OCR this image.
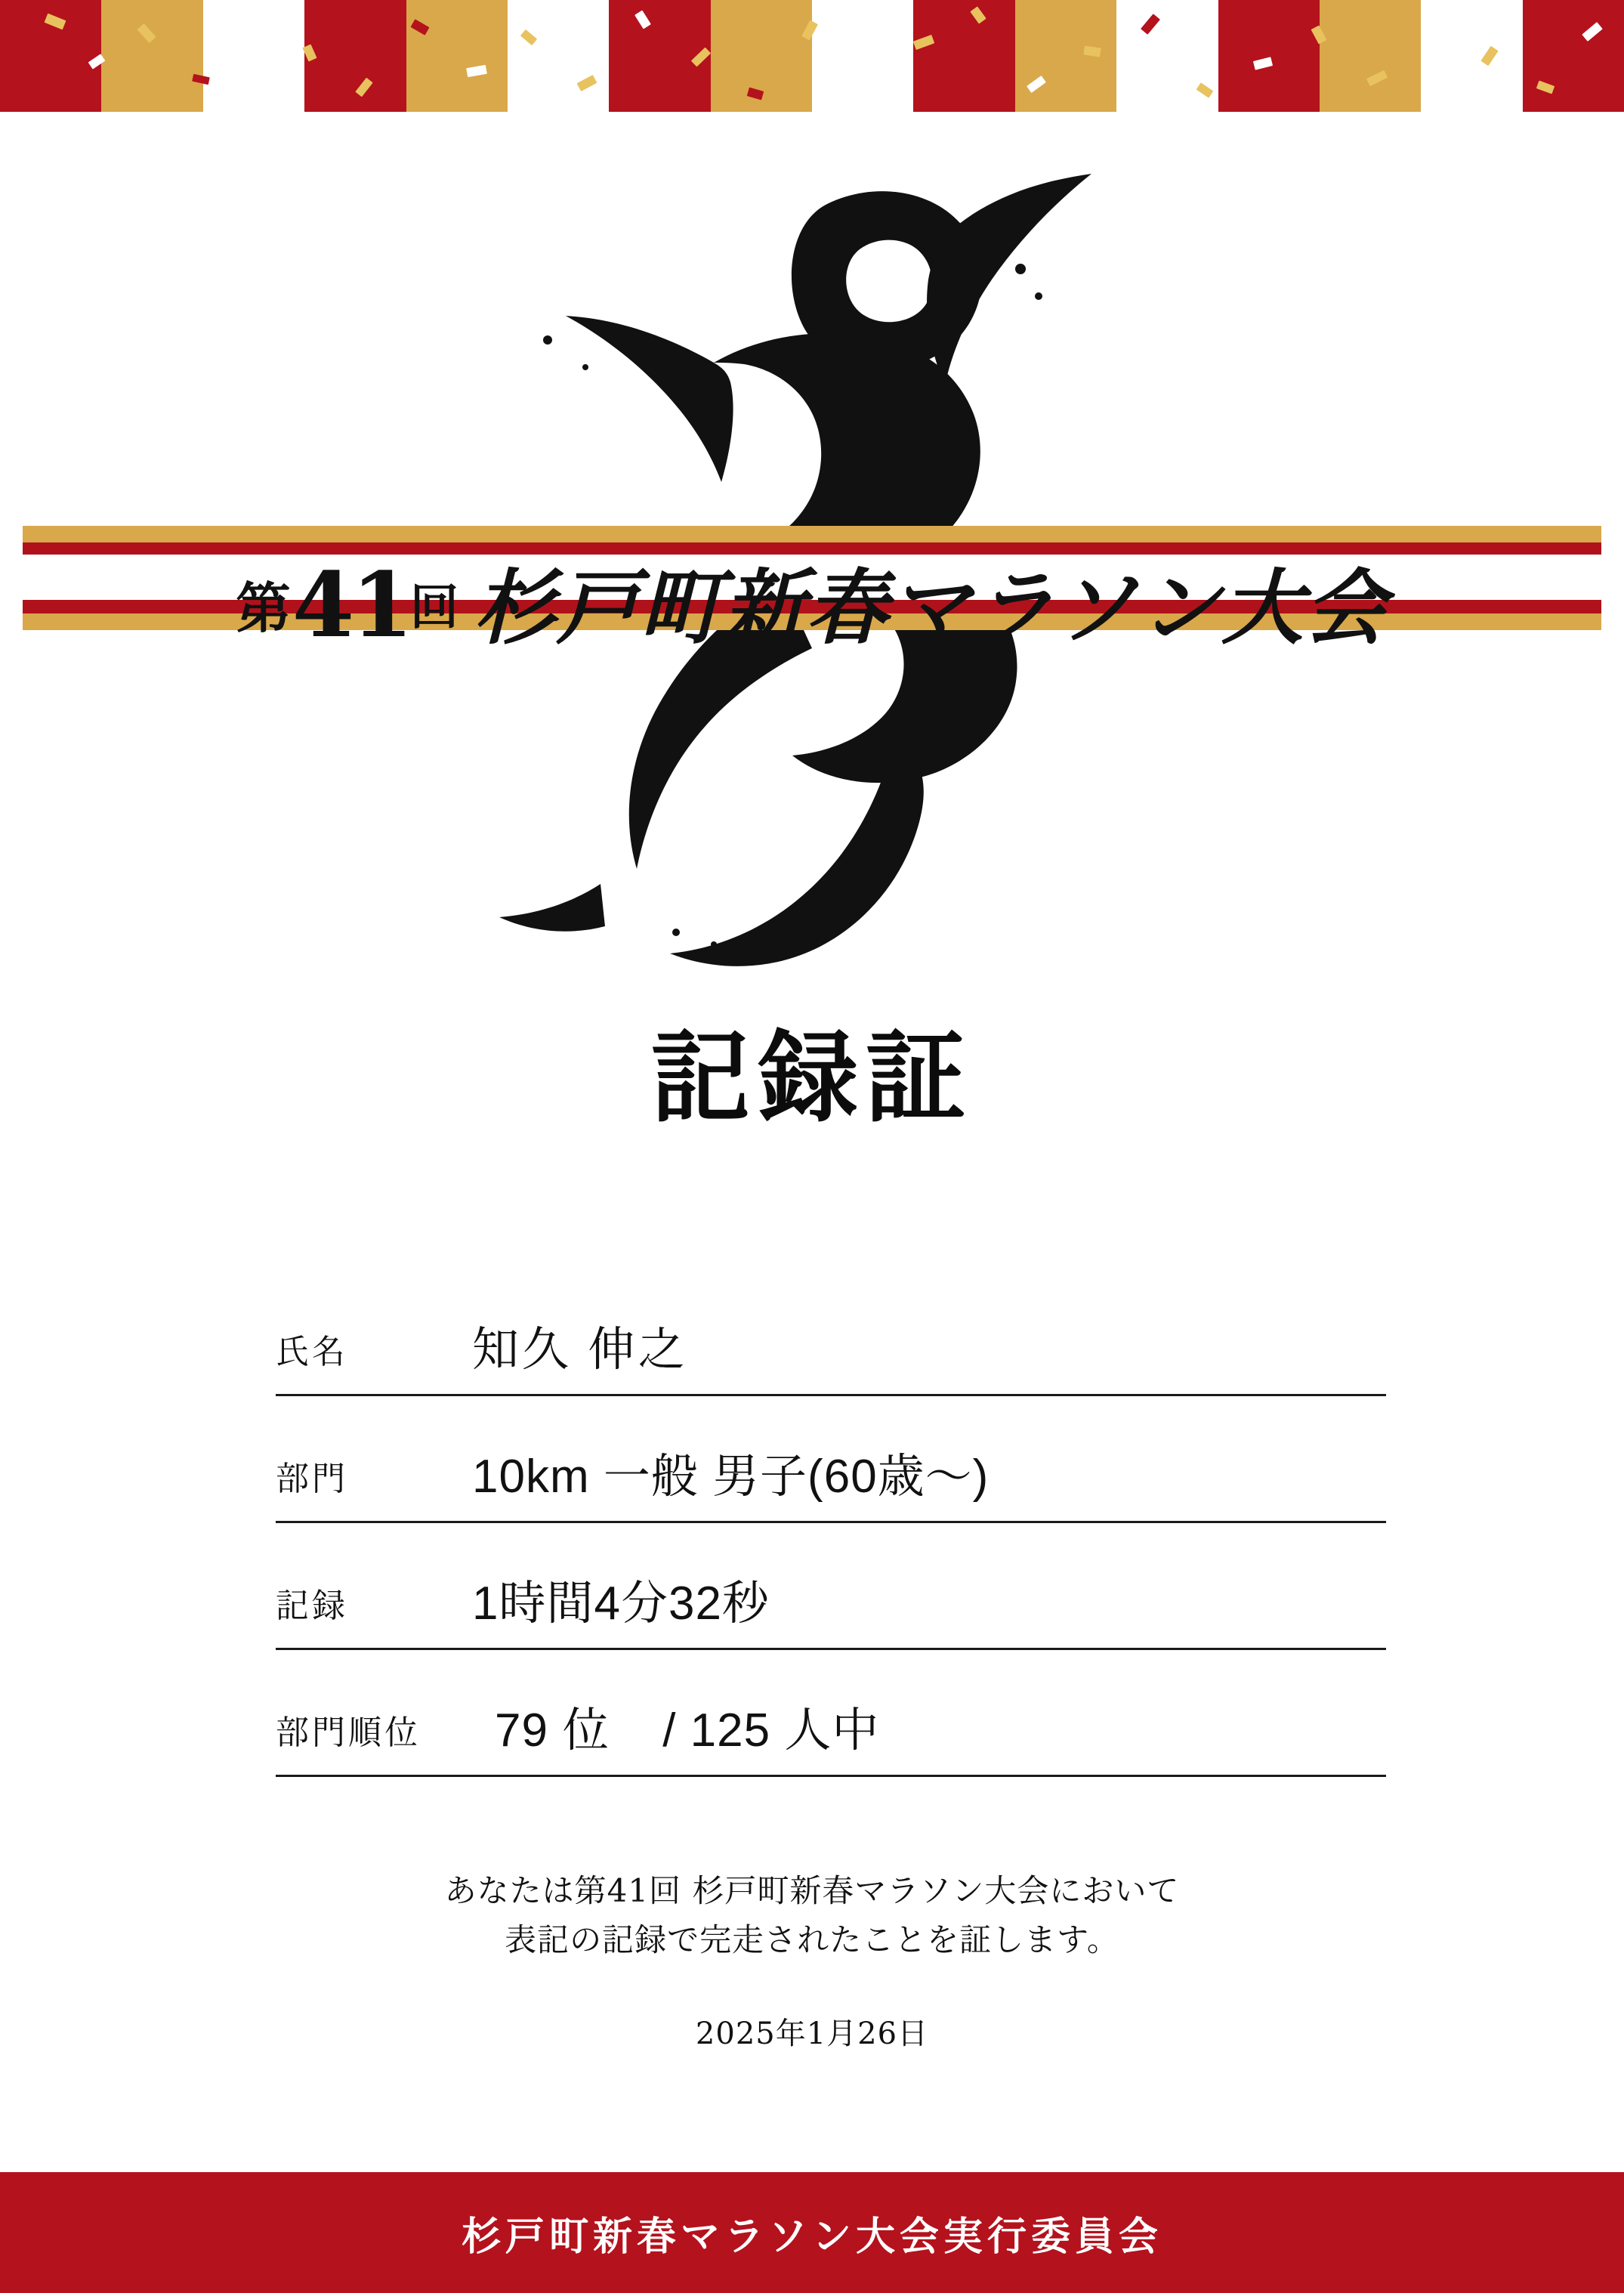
第41回 杉戸町新春マラソン大会
記録証
氏名	知久 伸之
部門	10km 一般 男子(60歳〜)
記録	1時間4分32秒
部門順位	79 位 / 125 人中
あなたは第41回 杉戸町新春マラソン大会において
表記の記録で完走されたことを証します。
2025年1月26日
杉戸町新春マラソン大会実行委員会
